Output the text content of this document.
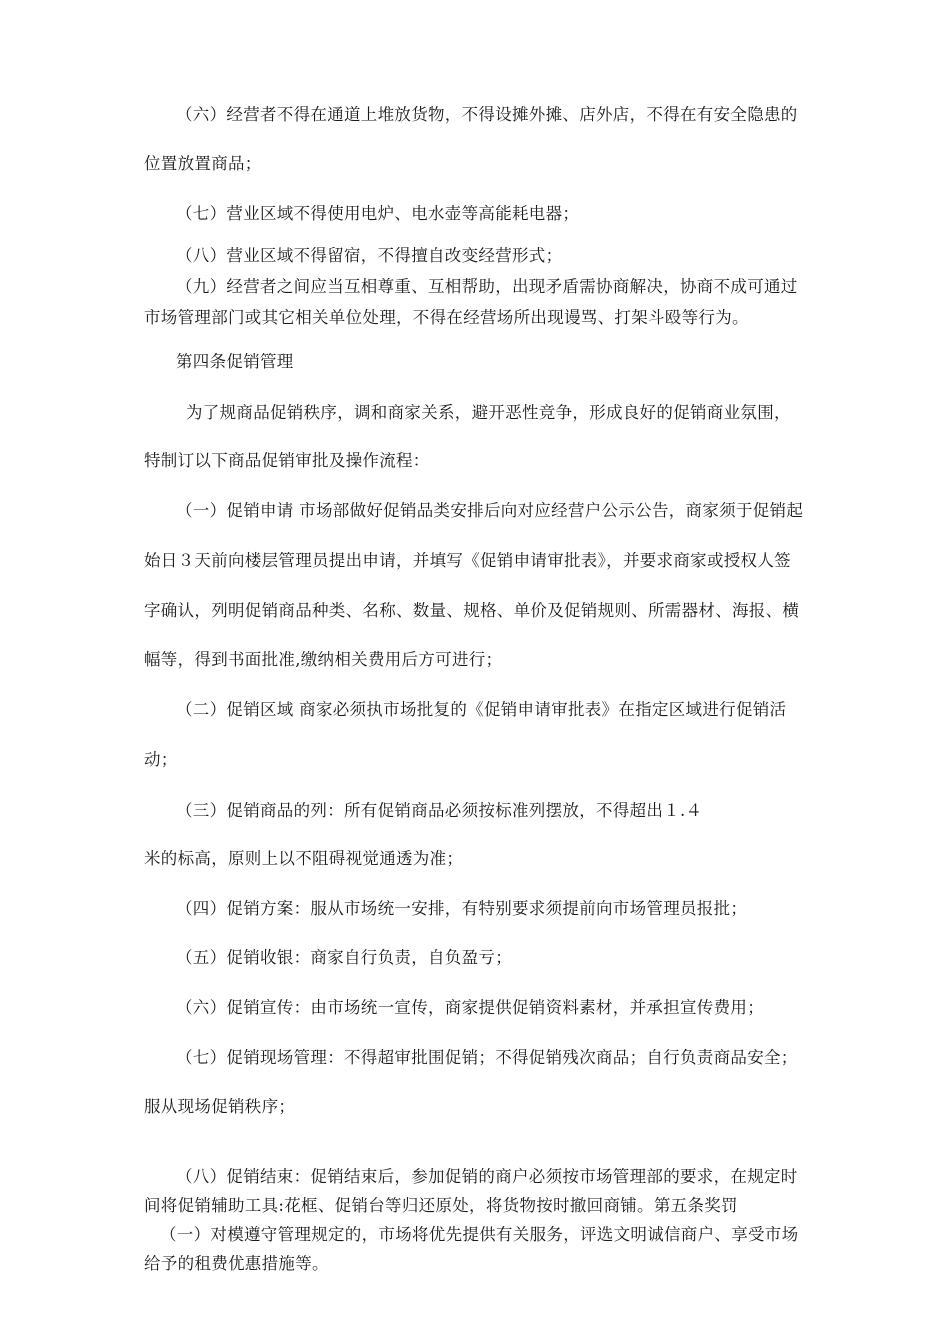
（六）经营者不得在通道上堆放货物，不得设摊外摊、店外店，不得在有安全隐患的
位置放置商品；
（七）营业区域不得使用电炉、电水壶等高能耗电器；
（八）营业区域不得留宿，不得擅自改变经营形式；
（九）经营者之间应当互相尊重、互相帮助，出现矛盾需协商解决，协商不成可通过
市场管理部门或其它相关单位处理，不得在经营场所出现谩骂、打架斗殴等行为。
第四条促销管理
为了规商品促销秩序，调和商家关系，避开恶性竞争，形成良好的促销商业氛围，
特制订以下商品促销审批及操作流程：
（一）促销申请 市场部做好促销品类安排后向对应经营户公示公告，商家须于促销起
始日３天前向楼层管理员提出申请，并填写《促销申请审批表》，并要求商家或授权人签
字确认，列明促销商品种类、名称、数量、规格、单价及促销规则、所需器材、海报、横
幅等，得到书面批准,缴纳相关费用后方可进行；
（二）促销区域 商家必须执市场批复的《促销申请审批表》在指定区域进行促销活
动；
（三）促销商品的列：所有促销商品必须按标准列摆放，不得超出１.４
米的标高，原则上以不阻碍视觉通透为准；
（四）促销方案：服从市场统一安排，有特别要求须提前向市场管理员报批；
（五）促销收银：商家自行负责，自负盈亏；
（六）促销宣传：由市场统一宣传，商家提供促销资料素材，并承担宣传费用；
（七）促销现场管理：不得超审批围促销；不得促销残次商品；自行负责商品安全；
服从现场促销秩序；
（八）促销结束：促销结束后，参加促销的商户必须按市场管理部的要求，在规定时
间将促销辅助工具:花框、促销台等归还原处，将货物按时撤回商铺。第五条奖罚
（一）对模遵守管理规定的，市场将优先提供有关服务，评选文明诚信商户、享受市场
给予的租费优惠措施等。
